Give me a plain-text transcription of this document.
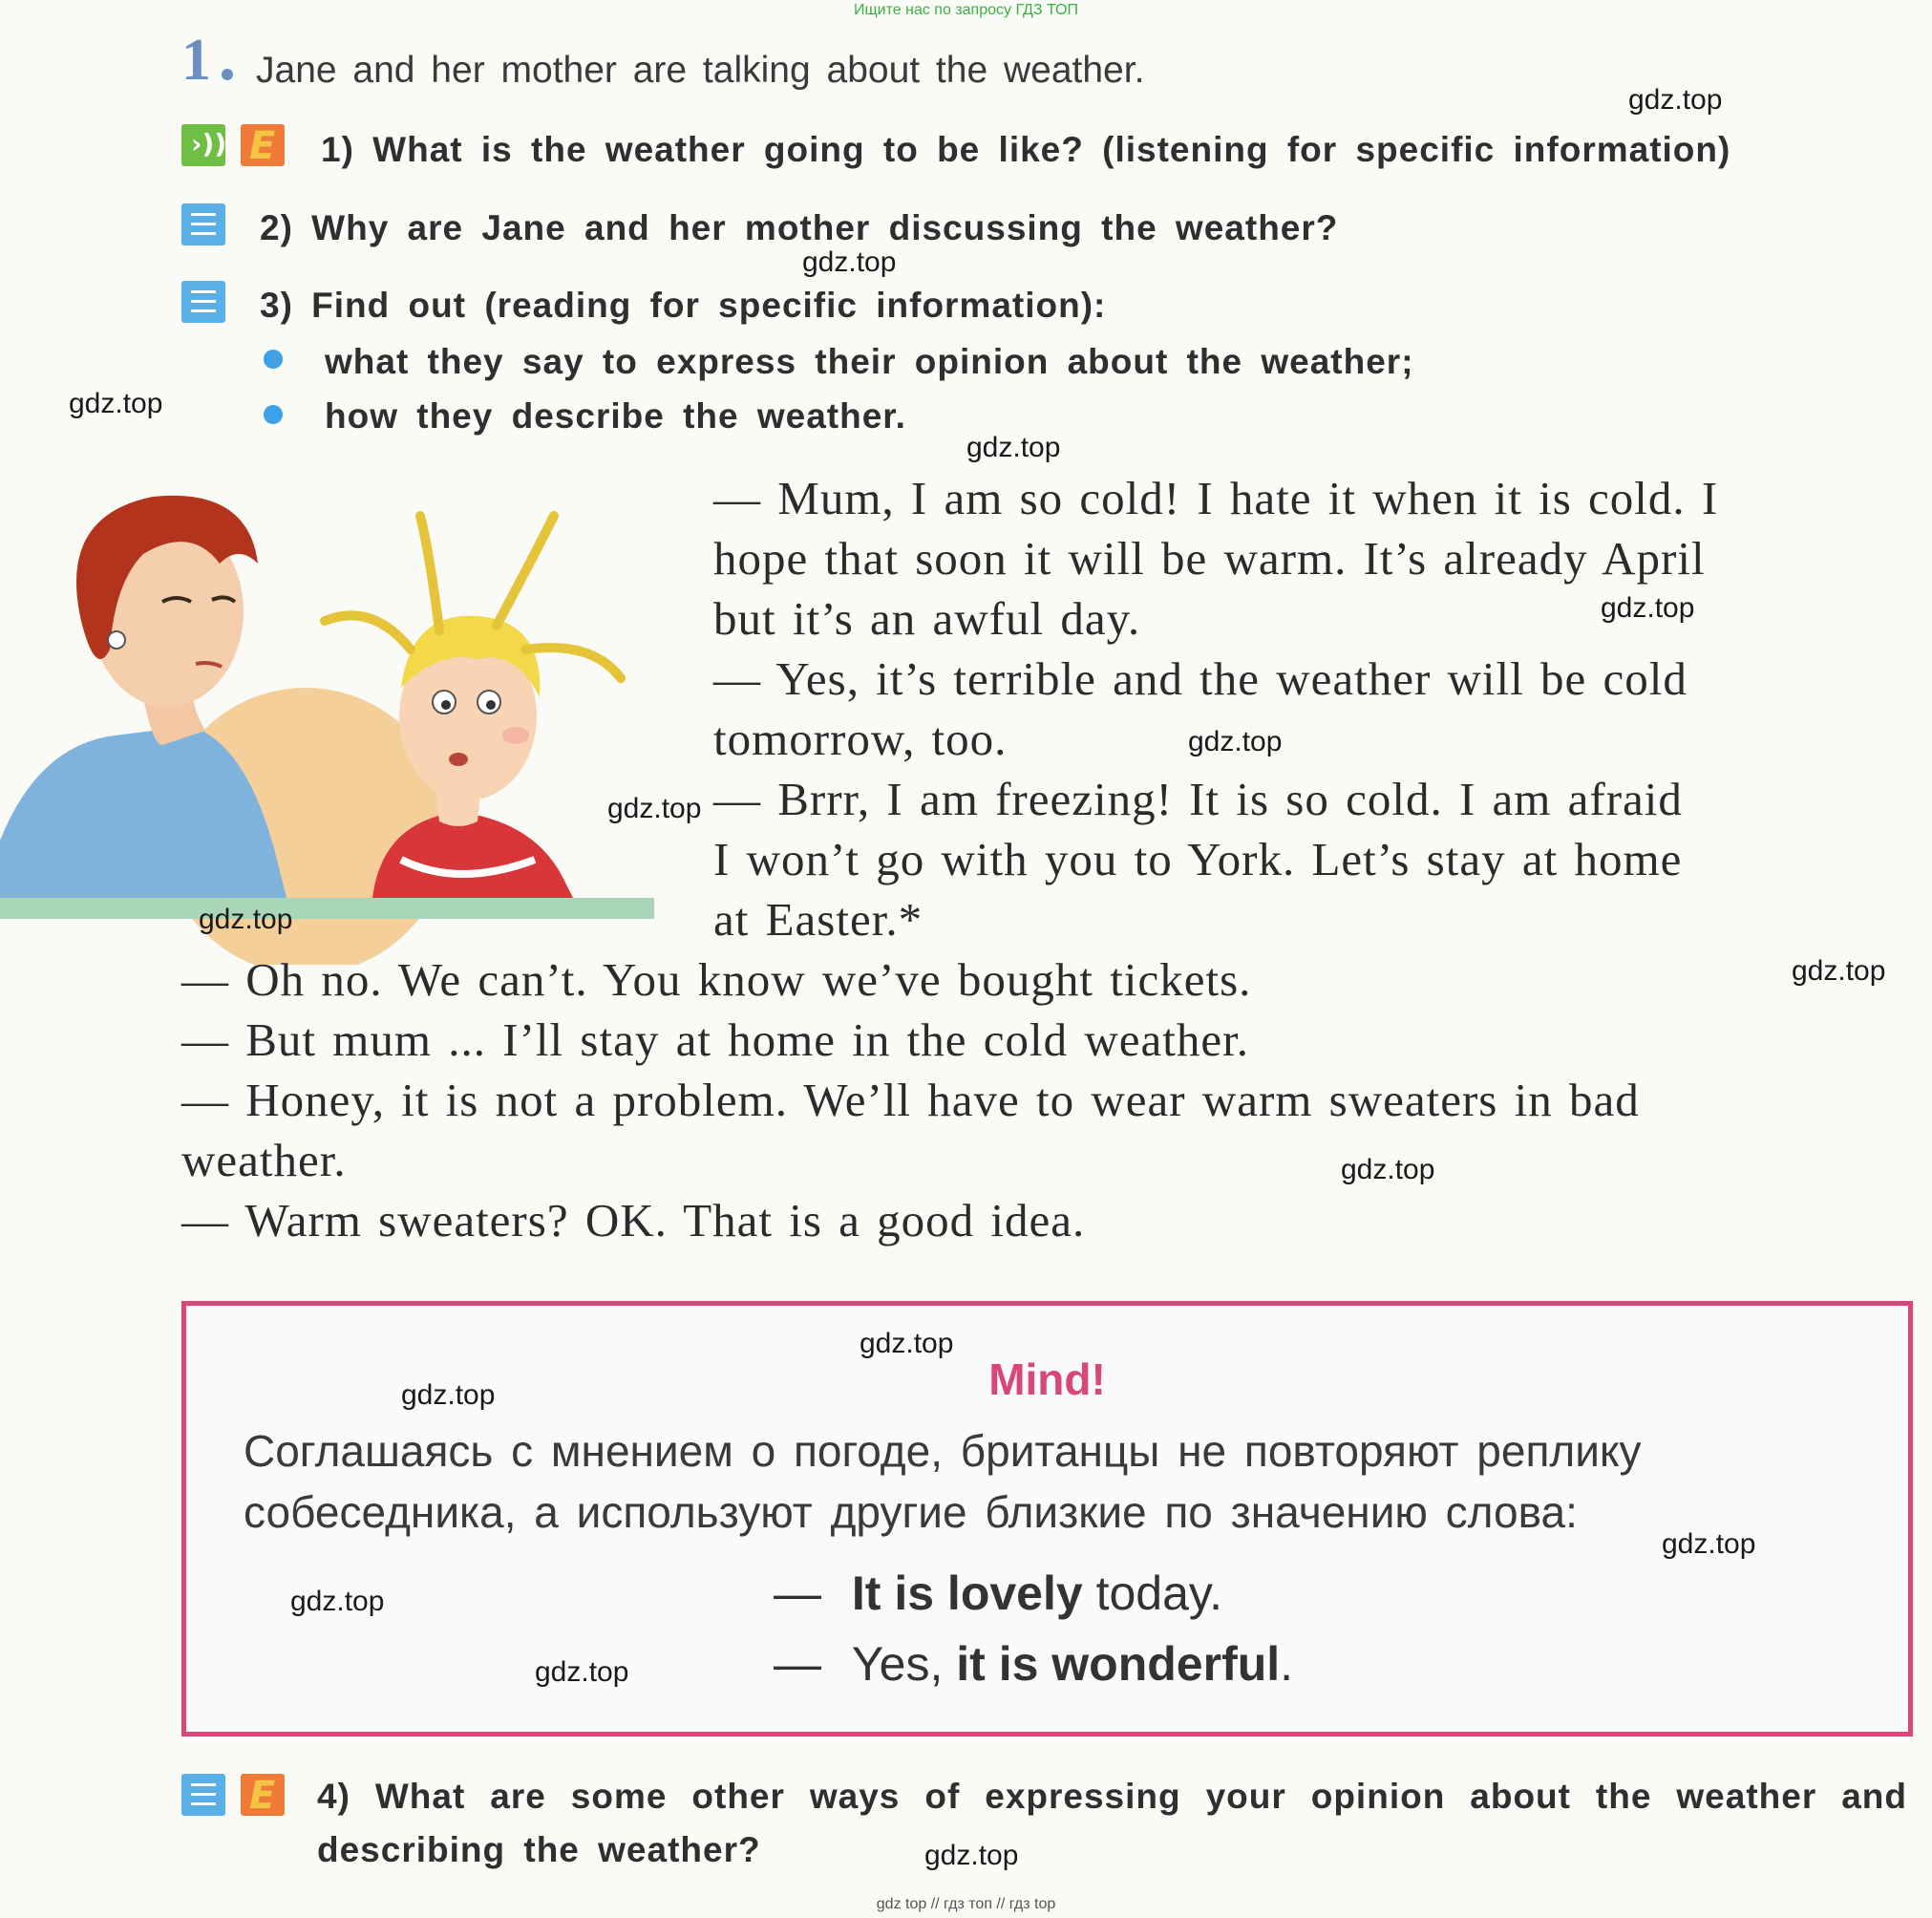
Ищите нас по запросу ГДЗ ТОП
1 Jane and her mother are talking about the weather.
›)) E 1) What is the weather going to be like? (listening for specific information)
2) Why are Jane and her mother discussing the weather?
3) Find out (reading for specific information):
what they say to express their opinion about the weather;
how they describe the weather.
— Mum, I am so cold! I hate it when it is cold. I
hope that soon it will be warm. It’s already April
but it’s an awful day.
— Yes, it’s terrible and the weather will be cold
tomorrow, too.
— Brrr, I am freezing! It is so cold. I am afraid
I won’t go with you to York. Let’s stay at home
at Easter.*
— Oh no. We can’t. You know we’ve bought tickets.
— But mum ... I’ll stay at home in the cold weather.
— Honey, it is not a problem. We’ll have to wear warm sweaters in bad
weather.
— Warm sweaters? OK. That is a good idea.
Mind!
Соглашаясь с мнением о погоде, британцы не повторяют реплику
собеседника, а используют другие близкие по значению слова:
— It is lovely today.
— Yes, it is wonderful.
E 4) What are some other ways of expressing your opinion about the weather and
describing the weather?
gdz.top
gdz.top
gdz.top
gdz.top
gdz.top
gdz.top
gdz.top
gdz.top
gdz.top
gdz.top
gdz.top
gdz.top
gdz.top
gdz.top
gdz.top
gdz.top
gdz top // гдз топ // гдз top
